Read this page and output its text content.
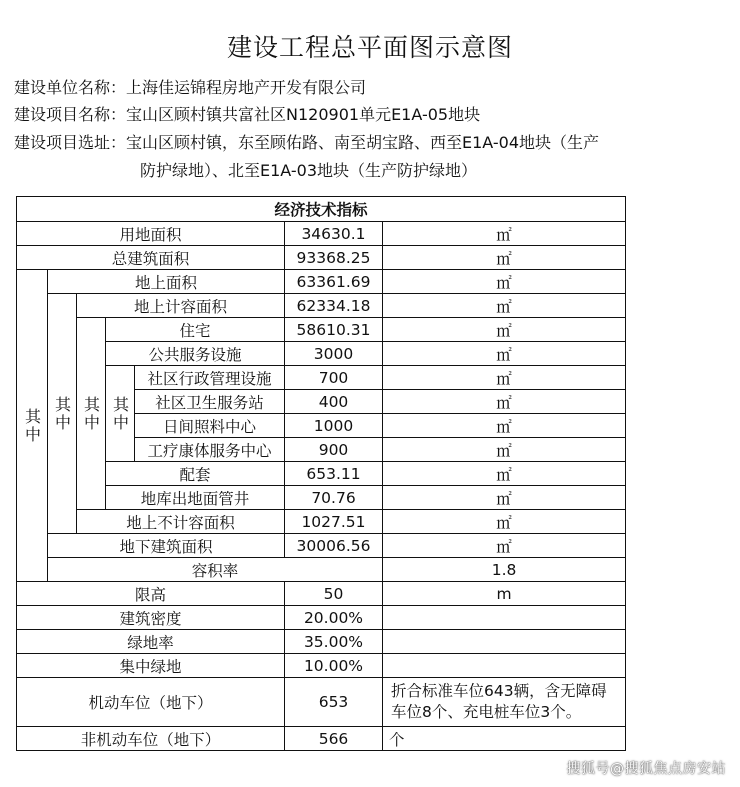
建设工程总平面图示意图
建设单位名称：上海佳运锦程房地产开发有限公司
建设项目名称：宝山区顾村镇共富社区N120901单元E1A-05地块
建设项目选址：宝山区顾村镇，东至顾佑路、南至胡宝路、西至E1A-04地块（生产
防护绿地）、北至E1A-03地块（生产防护绿地）
经济技术指标							
用地面积					34630.1	㎡	
总建筑面积					93368.25	㎡	
其中	地上面积				63361.69	㎡	
	其中	地上计容面积			62334.18	㎡	
		其中	住宅		58610.31	㎡	
			公共服务设施		3000	㎡	
			其中	社区行政管理设施	700	㎡	
				社区卫生服务站	400	㎡	
				日间照料中心	1000	㎡	
				工疗康体服务中心	900	㎡	
			配套		653.11	㎡	
			地库出地面管井		70.76	㎡	
		地上不计容面积			1027.51	㎡	
	地下建筑面积				30006.56	㎡	
	容积率					1.8	
限高					50	m	
建筑密度					20.00%		
绿地率					35.00%		
集中绿地					10.00%		
机动车位（地下）					653	折合标准车位643辆，含无障碍车位8个、充电桩车位3个。	
非机动车位（地下）					566	个	
搜狐号@搜狐焦点房安站
